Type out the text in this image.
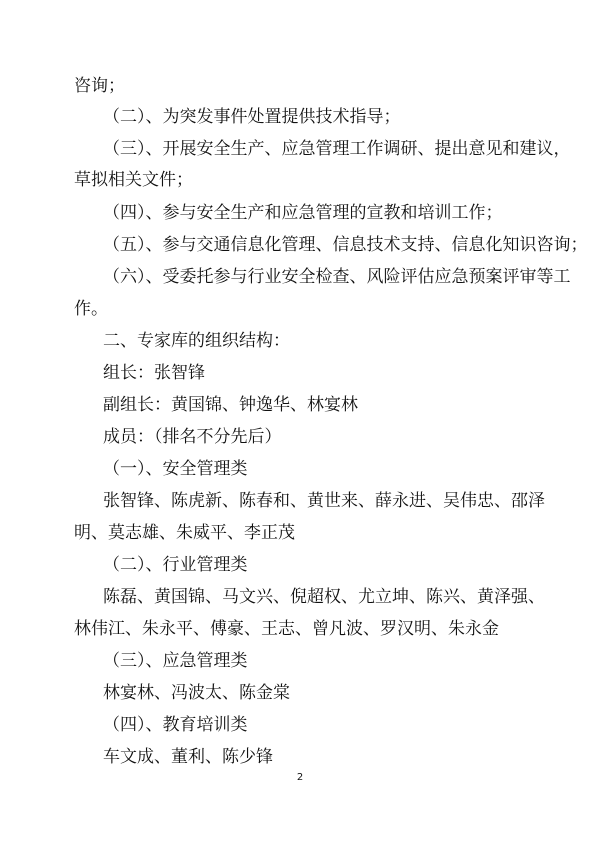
咨询；
（二）、为突发事件处置提供技术指导；
（三）、开展安全生产、应急管理工作调研、提出意见和建议，
草拟相关文件；
（四）、参与安全生产和应急管理的宣教和培训工作；
（五）、参与交通信息化管理、信息技术支持、信息化知识咨询；
（六）、受委托参与行业安全检查、风险评估应急预案评审等工
作。
二、专家库的组织结构：
组长：张智锋
副组长：黄国锦、钟逸华、林宴林
成员：（排名不分先后）
（一）、安全管理类
张智锋、陈虎新、陈春和、黄世来、薛永进、吴伟忠、邵泽
明、莫志雄、朱威平、李正茂
（二）、行业管理类
陈磊、黄国锦、马文兴、倪超权、尤立坤、陈兴、黄泽强、
林伟江、朱永平、傅豪、王志、曾凡波、罗汉明、朱永金
（三）、应急管理类
林宴林、冯波太、陈金棠
（四）、教育培训类
车文成、董利、陈少锋
2
